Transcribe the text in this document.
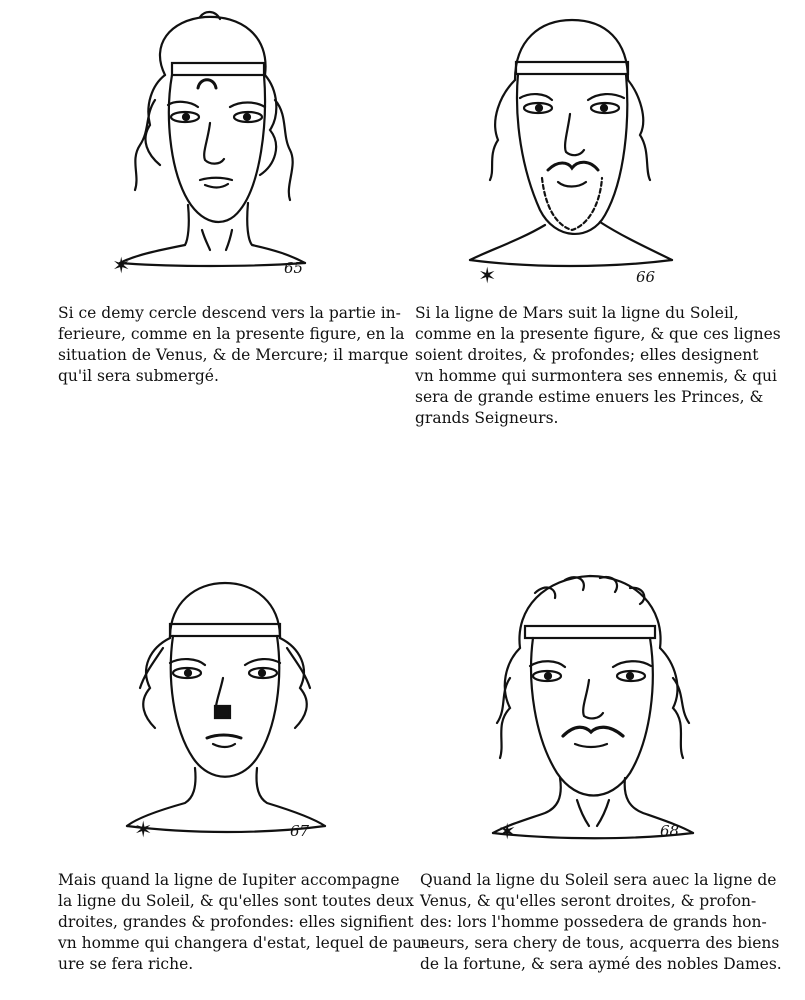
✶	65
Si ce demy cercle descend vers la partie in-
ferieure, comme en la presente figure, en la
situation de Venus, & de Mercure; il marque
qu'il sera submergé.
✶	66
Si la ligne de Mars suit la ligne du Soleil,
comme en la presente figure, & que ces lignes
soient droites, & profondes; elles designent
vn homme qui surmontera ses ennemis, & qui
sera de grande estime enuers les Princes, &
grands Seigneurs.
✶	67
Mais quand la ligne de Iupiter accompagne
la ligne du Soleil, & qu'elles sont toutes deux
droites, grandes & profondes: elles signifient
vn homme qui changera d'estat, lequel de pau-
ure se fera riche.
✶	68
Quand la ligne du Soleil sera auec la ligne de
Venus, & qu'elles seront droites, & profon-
des: lors l'homme possedera de grands hon-
neurs, sera chery de tous, acquerra des biens
de la fortune, & sera aymé des nobles Dames.
